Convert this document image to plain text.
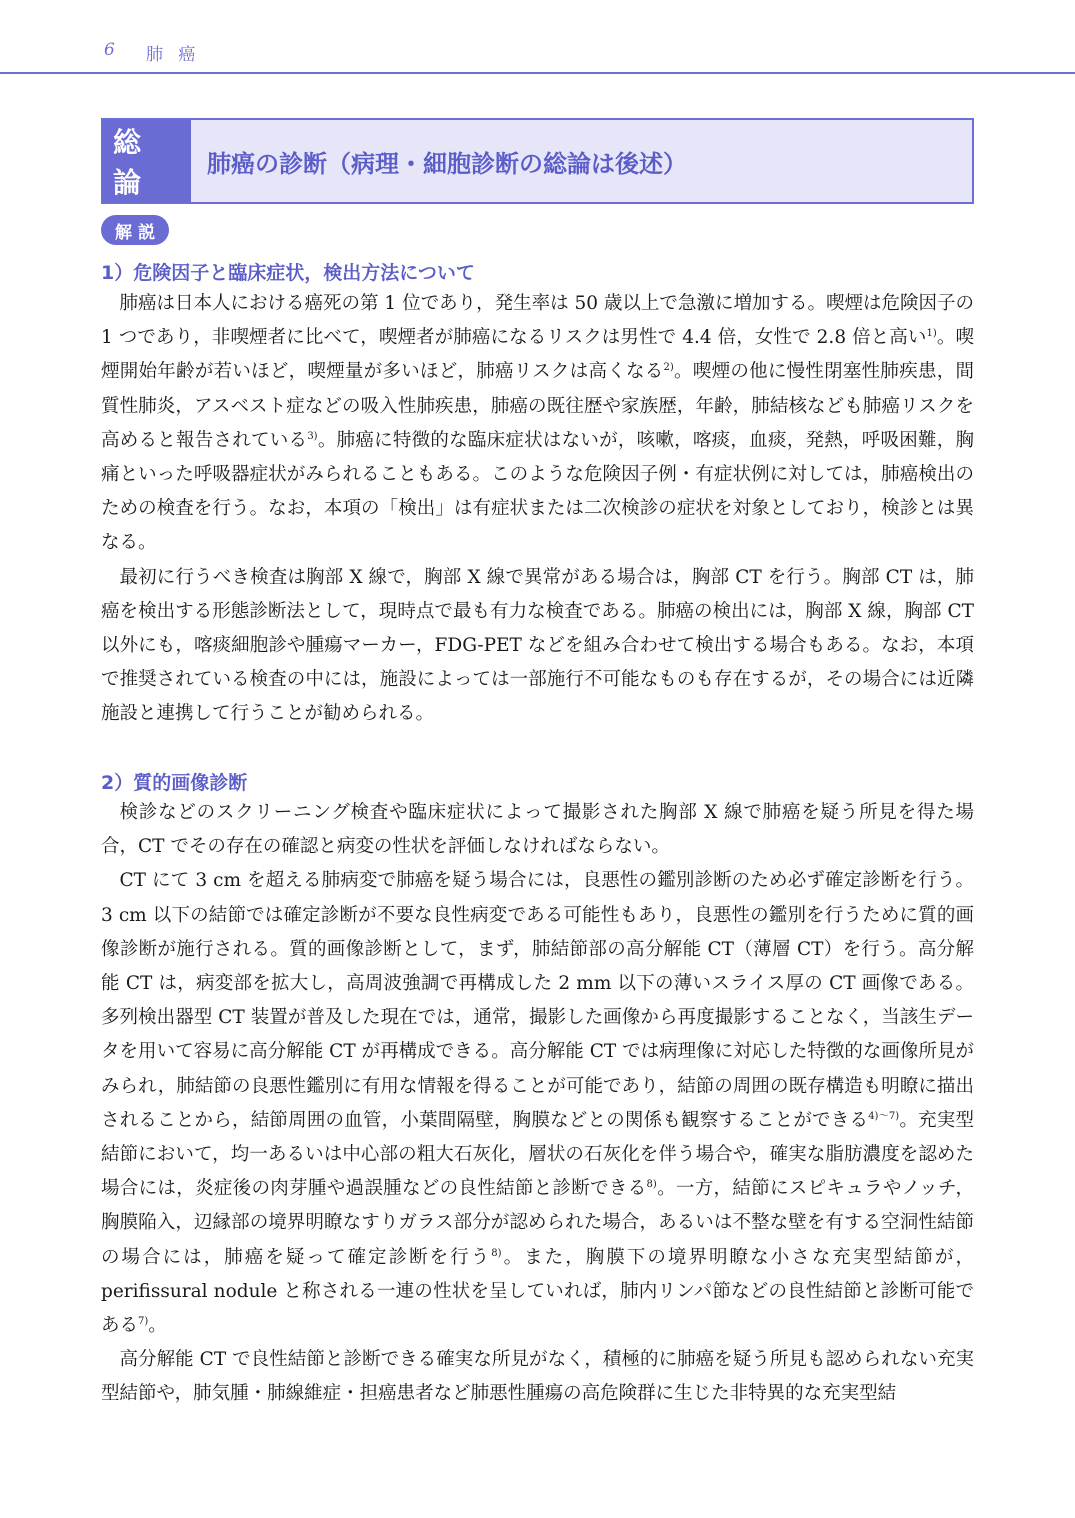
6 肺 癌
総論
肺癌の診断（病理・細胞診断の総論は後述）
解説
1）危険因子と臨床症状，検出方法について

肺癌は日本人における癌死の第 1 位であり，発生率は 50 歳以上で急激に増加する。喫煙は危険因子の 1 つであり，非喫煙者に比べて，喫煙者が肺癌になるリスクは男性で 4.4 倍，女性で 2.8 倍と高い$^{1)}$。喫煙開始年齢が若いほど，喫煙量が多いほど，肺癌リスクは高くなる$^{2)}$。喫煙の他に慢性閉塞性肺疾患，間質性肺炎，アスベスト症などの吸入性肺疾患，肺癌の既往歴や家族歴，年齢，肺結核なども肺癌リスクを高めると報告されている$^{3)}$。肺癌に特徴的な臨床症状はないが，咳嗽，喀痰，血痰，発熱，呼吸困難，胸痛といった呼吸器症状がみられることもある。このような危険因子例・有症状例に対しては，肺癌検出のための検査を行う。なお，本項の「検出」は有症状または二次検診の症状を対象としており，検診とは異なる。

最初に行うべき検査は胸部 X 線で，胸部 X 線で異常がある場合は，胸部 CT を行う。胸部 CT は，肺癌を検出する形態診断法として，現時点で最も有力な検査である。肺癌の検出には，胸部 X 線，胸部 CT 以外にも，喀痰細胞診や腫瘍マーカー，FDG-PET などを組み合わせて検出する場合もある。なお，本項で推奨されている検査の中には，施設によっては一部施行不可能なものも存在するが，その場合には近隣施設と連携して行うことが勧められる。

2）質的画像診断

検診などのスクリーニング検査や臨床症状によって撮影された胸部 X 線で肺癌を疑う所見を得た場合，CT でその存在の確認と病変の性状を評価しなければならない。

CT にて 3 cm を超える肺病変で肺癌を疑う場合には，良悪性の鑑別診断のため必ず確定診断を行う。3 cm 以下の結節では確定診断が不要な良性病変である可能性もあり，良悪性の鑑別を行うために質的画像診断が施行される。質的画像診断として，まず，肺結節部の高分解能 CT（薄層 CT）を行う。高分解能 CT は，病変部を拡大し，高周波強調で再構成した 2 mm 以下の薄いスライス厚の CT 画像である。多列検出器型 CT 装置が普及した現在では，通常，撮影した画像から再度撮影することなく，当該生データを用いて容易に高分解能 CT が再構成できる。高分解能 CT では病理像に対応した特徴的な画像所見がみられ，肺結節の良悪性鑑別に有用な情報を得ることが可能であり，結節の周囲の既存構造も明瞭に描出されることから，結節周囲の血管，小葉間隔壁，胸膜などとの関係も観察することができる$^{4)\sim 7)}$。充実型結節において，均一あるいは中心部の粗大石灰化，層状の石灰化を伴う場合や，確実な脂肪濃度を認めた場合には，炎症後の肉芽腫や過誤腫などの良性結節と診断できる$^{8)}$。一方，結節にスピキュラやノッチ，胸膜陥入，辺縁部の境界明瞭なすりガラス部分が認められた場合，あるいは不整な壁を有する空洞性結節の場合には，肺癌を疑って確定診断を行う$^{8)}$。また，胸膜下の境界明瞭な小さな充実型結節が，perifissural nodule と称される一連の性状を呈していれば，肺内リンパ節などの良性結節と診断可能である$^{7)}$。

高分解能 CT で良性結節と診断できる確実な所見がなく，積極的に肺癌を疑う所見も認められない充実型結節や，肺気腫・肺線維症・担癌患者など肺悪性腫瘍の高危険群に生じた非特異的な充実型結
